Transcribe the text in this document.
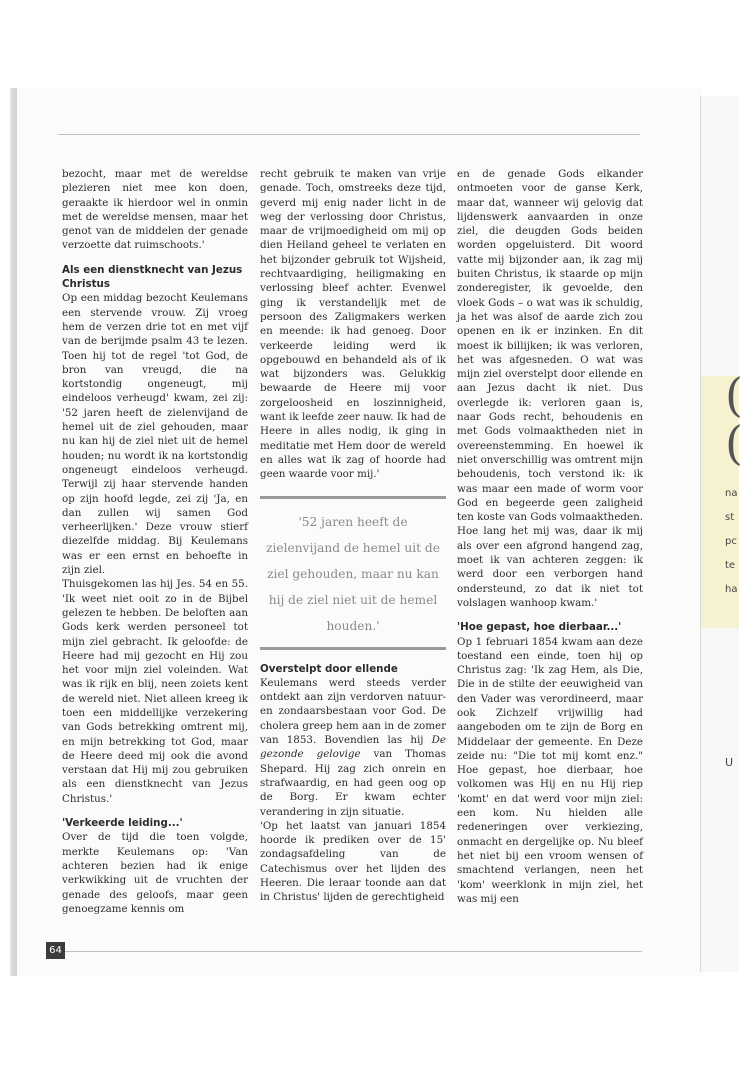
(
(
na
st
pc
te
ha
U

bezocht, maar met de wereldse plezieren niet mee kon doen, geraakte ik hierdoor wel in onmin met de wereldse mensen, maar het genot van de middelen der genade verzoette dat ruimschoots.'

Als een dienstknecht van Jezus Christus

Op een middag bezocht Keulemans een stervende vrouw. Zij vroeg hem de verzen drie tot en met vijf van de berijmde psalm 43 te lezen. Toen hij tot de regel 'tot God, de bron van vreugd, die na kortstondig ongeneugt, mij eindeloos verheugd' kwam, zei zij: '52 jaren heeft de zielenvijand de hemel uit de ziel gehouden, maar nu kan hij de ziel niet uit de hemel houden; nu wordt ik na kortstondig ongeneugt eindeloos verheugd. Terwijl zij haar stervende handen op zijn hoofd legde, zei zij 'Ja, en dan zullen wij samen God verheerlijken.' Deze vrouw stierf diezelfde middag. Bij Keulemans was er een ernst en behoefte in zijn ziel.

Thuisgekomen las hij Jes. 54 en 55. 'Ik weet niet ooit zo in de Bijbel gelezen te hebben. De beloften aan Gods kerk werden personeel tot mijn ziel gebracht. Ik geloofde: de Heere had mij gezocht en Hij zou het voor mijn ziel voleinden. Wat was ik rijk en blij, neen zoiets kent de wereld niet. Niet alleen kreeg ik toen een middellijke verzekering van Gods betrekking omtrent mij, en mijn betrekking tot God, maar de Heere deed mij ook die avond verstaan dat Hij mij zou gebruiken als een dienstknecht van Jezus Christus.'

'Verkeerde leiding...'

Over de tijd die toen volgde, merkte Keulemans op: 'Van achteren bezien had ik enige verkwikking uit de vruchten der genade des geloofs, maar geen genoegzame kennis om

recht gebruik te maken van vrije genade. Toch, omstreeks deze tijd, geverd mij enig nader licht in de weg der verlossing door Christus, maar de vrijmoedigheid om mij op dien Heiland geheel te verlaten en het bijzonder gebruik tot Wijsheid, rechtvaardiging, heiligmaking en verlossing bleef achter. Evenwel ging ik verstandelijk met de persoon des Zaligmakers werken en meende: ik had genoeg. Door verkeerde leiding werd ik opgebouwd en behandeld als of ik wat bijzonders was. Gelukkig bewaarde de Heere mij voor zorgeloosheid en loszinnigheid, want ik leefde zeer nauw. Ik had de Heere in alles nodig, ik ging in meditatie met Hem door de wereld en alles wat ik zag of hoorde had geen waarde voor mij.'

'52 jaren heeft de zielenvijand de hemel uit de ziel gehouden, maar nu kan hij de ziel niet uit de hemel houden.'

Overstelpt door ellende

Keulemans werd steeds verder ontdekt aan zijn verdorven natuur- en zondaarsbestaan voor God. De cholera greep hem aan in de zomer van 1853. Bovendien las hij De gezonde gelovige van Thomas Shepard. Hij zag zich onrein en strafwaardig, en had geen oog op de Borg. Er kwam echter verandering in zijn situatie.

'Op het laatst van januari 1854 hoorde ik prediken over de 15' zondagsafdeling van de Catechismus over het lijden des Heeren. Die leraar toonde aan dat in Christus' lijden de gerechtigheid

en de genade Gods elkander ontmoeten voor de ganse Kerk, maar dat, wanneer wij gelovig dat lijdenswerk aanvaarden in onze ziel, die deugden Gods beiden worden opgeluisterd. Dit woord vatte mij bijzonder aan, ik zag mij buiten Christus, ik staarde op mijn zonderegister, ik gevoelde, den vloek Gods – o wat was ik schuldig, ja het was alsof de aarde zich zou openen en ik er inzinken. En dit moest ik billijken; ik was verloren, het was afgesneden. O wat was mijn ziel overstelpt door ellende en aan Jezus dacht ik niet. Dus overlegde ik: verloren gaan is, naar Gods recht, behoudenis en met Gods volmaaktheden niet in overeenstemming. En hoewel ik niet onverschillig was omtrent mijn behoudenis, toch verstond ik: ik was maar een made of worm voor God en begeerde geen zaligheid ten koste van Gods volmaaktheden. Hoe lang het mij was, daar ik mij als over een afgrond hangend zag, moet ik van achteren zeggen: ik werd door een verborgen hand ondersteund, zo dat ik niet tot volslagen wanhoop kwam.'

'Hoe gepast, hoe dierbaar...'

Op 1 februari 1854 kwam aan deze toestand een einde, toen hij op Christus zag: 'Ik zag Hem, als Die, Die in de stilte der eeuwigheid van den Vader was verordineerd, maar ook Zichzelf vrijwillig had aangeboden om te zijn de Borg en Middelaar der gemeente. En Deze zeide nu: "Die tot mij komt enz." Hoe gepast, hoe dierbaar, hoe volkomen was Hij en nu Hij riep 'komt' en dat werd voor mijn ziel: een kom. Nu hielden alle redeneringen over verkiezing, onmacht en dergelijke op. Nu bleef het niet bij een vroom wensen of smachtend verlangen, neen het 'kom' weerklonk in mijn ziel, het was mij een

64
